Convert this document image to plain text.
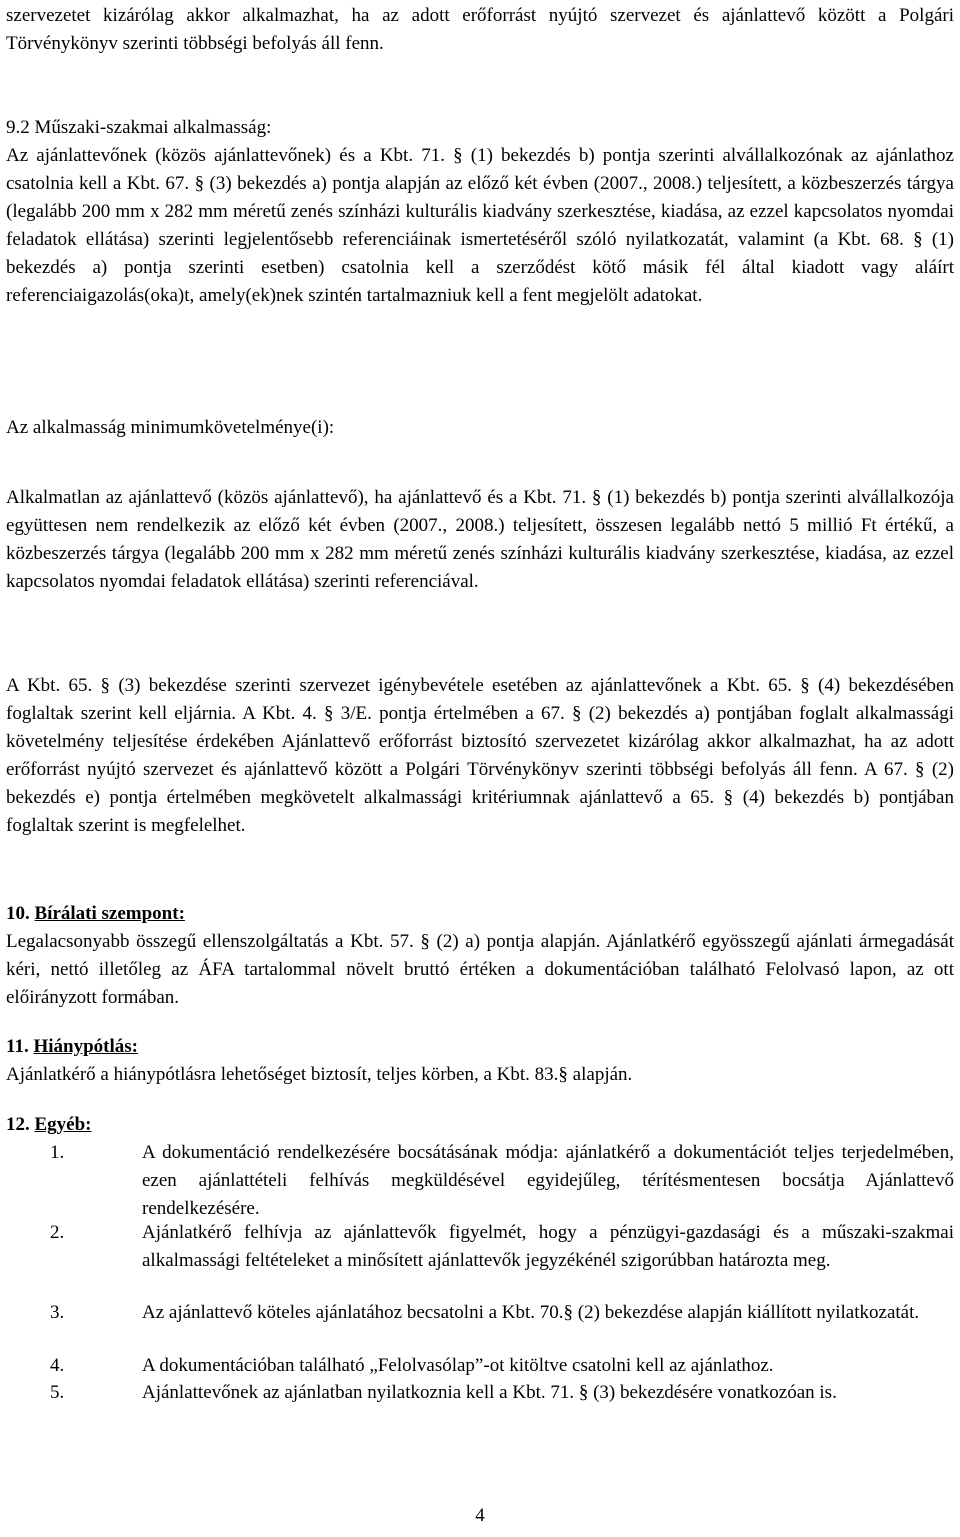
szervezetet kizárólag akkor alkalmazhat, ha az adott erőforrást nyújtó szervezet és ajánlattevő között a Polgári Törvénykönyv szerinti többségi befolyás áll fenn.
9.2 Műszaki-szakmai alkalmasság:
Az ajánlattevőnek (közös ajánlattevőnek) és a Kbt. 71. § (1) bekezdés b) pontja szerinti alvállalkozónak az ajánlathoz csatolnia kell a Kbt. 67. § (3) bekezdés a) pontja alapján az előző két évben (2007., 2008.) teljesített, a közbeszerzés tárgya (legalább 200 mm x 282 mm méretű zenés színházi kulturális kiadvány szerkesztése, kiadása, az ezzel kapcsolatos nyomdai feladatok ellátása) szerinti legjelentősebb referenciáinak ismertetéséről szóló nyilatkozatát, valamint (a Kbt. 68. § (1) bekezdés a) pontja szerinti esetben) csatolnia kell a szerződést kötő másik fél által kiadott vagy aláírt referenciaigazolás(oka)t, amely(ek)nek szintén tartalmazniuk kell a fent megjelölt adatokat.
Az alkalmasság minimumkövetelménye(i):
Alkalmatlan az ajánlattevő (közös ajánlattevő), ha ajánlattevő és a Kbt. 71. § (1) bekezdés b) pontja szerinti alvállalkozója együttesen nem rendelkezik az előző két évben (2007., 2008.) teljesített, összesen legalább nettó 5 millió Ft értékű, a közbeszerzés tárgya (legalább 200 mm x 282 mm méretű zenés színházi kulturális kiadvány szerkesztése, kiadása, az ezzel kapcsolatos nyomdai feladatok ellátása) szerinti referenciával.
A Kbt. 65. § (3) bekezdése szerinti szervezet igénybevétele esetében az ajánlattevőnek a Kbt. 65. § (4) bekezdésében foglaltak szerint kell eljárnia. A Kbt. 4. § 3/E. pontja értelmében a 67. § (2) bekezdés a) pontjában foglalt alkalmassági követelmény teljesítése érdekében Ajánlattevő erőforrást biztosító szervezetet kizárólag akkor alkalmazhat, ha az adott erőforrást nyújtó szervezet és ajánlattevő között a Polgári Törvénykönyv szerinti többségi befolyás áll fenn. A 67. § (2) bekezdés e) pontja értelmében megkövetelt alkalmassági kritériumnak ajánlattevő a 65. § (4) bekezdés b) pontjában foglaltak szerint is megfelelhet.
10. Bírálati szempont:
Legalacsonyabb összegű ellenszolgáltatás a Kbt. 57. § (2) a) pontja alapján. Ajánlatkérő egyösszegű ajánlati ármegadását kéri, nettó illetőleg az ÁFA tartalommal növelt bruttó értéken a dokumentációban található Felolvasó lapon, az ott előirányzott formában.
11. Hiánypótlás:
Ajánlatkérő a hiánypótlásra lehetőséget biztosít, teljes körben, a Kbt. 83.§ alapján.
12. Egyéb:
1.	A dokumentáció rendelkezésére bocsátásának módja: ajánlatkérő a dokumentációt teljes terjedelmében, ezen ajánlattételi felhívás megküldésével egyidejűleg, térítésmentesen bocsátja Ajánlattevő rendelkezésére.
2.	Ajánlatkérő felhívja az ajánlattevők figyelmét, hogy a pénzügyi-gazdasági és a műszaki-szakmai alkalmassági feltételeket a minősített ajánlattevők jegyzékénél szigorúbban határozta meg.
3.	Az ajánlattevő köteles ajánlatához becsatolni a Kbt. 70.§ (2) bekezdése alapján kiállított nyilatkozatát.
4.	A dokumentációban található „Felolvasólap”-ot kitöltve csatolni kell az ajánlathoz.
5.	Ajánlattevőnek az ajánlatban nyilatkoznia kell a Kbt. 71. § (3) bekezdésére vonatkozóan is.
4
